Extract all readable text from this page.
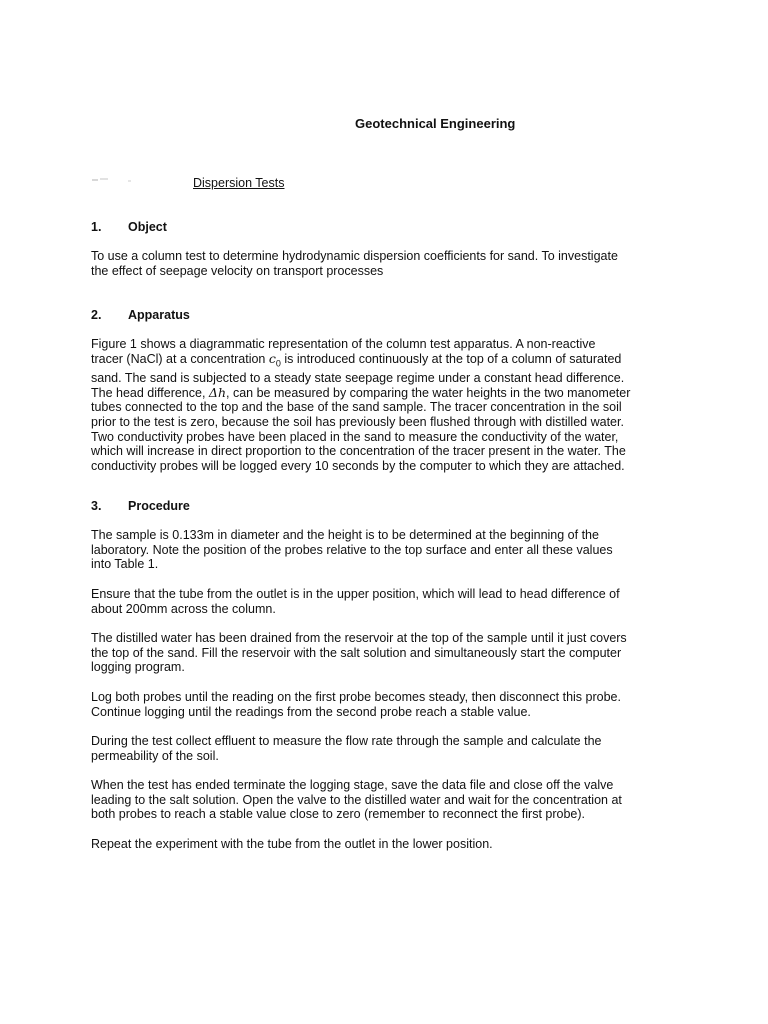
Geotechnical Engineering
Dispersion Tests
1. Object
To use a column test to determine hydrodynamic dispersion coefficients for sand. To investigate
the effect of seepage velocity on transport processes
2. Apparatus
Figure 1 shows a diagrammatic representation of the column test apparatus. A non-reactive
tracer (NaCl) at a concentration $c_0$ is introduced continuously at the top of a column of saturated
sand. The sand is subjected to a steady state seepage regime under a constant head difference.
The head difference, Δh, can be measured by comparing the water heights in the two manometer
tubes connected to the top and the base of the sand sample. The tracer concentration in the soil
prior to the test is zero, because the soil has previously been flushed through with distilled water.
Two conductivity probes have been placed in the sand to measure the conductivity of the water,
which will increase in direct proportion to the concentration of the tracer present in the water. The
conductivity probes will be logged every 10 seconds by the computer to which they are attached.
3. Procedure
The sample is 0.133m in diameter and the height is to be determined at the beginning of the
laboratory. Note the position of the probes relative to the top surface and enter all these values
into Table 1.
Ensure that the tube from the outlet is in the upper position, which will lead to head difference of
about 200mm across the column.
The distilled water has been drained from the reservoir at the top of the sample until it just covers
the top of the sand. Fill the reservoir with the salt solution and simultaneously start the computer
logging program.
Log both probes until the reading on the first probe becomes steady, then disconnect this probe.
Continue logging until the readings from the second probe reach a stable value.
During the test collect effluent to measure the flow rate through the sample and calculate the
permeability of the soil.
When the test has ended terminate the logging stage, save the data file and close off the valve
leading to the salt solution. Open the valve to the distilled water and wait for the concentration at
both probes to reach a stable value close to zero (remember to reconnect the first probe).
Repeat the experiment with the tube from the outlet in the lower position.
